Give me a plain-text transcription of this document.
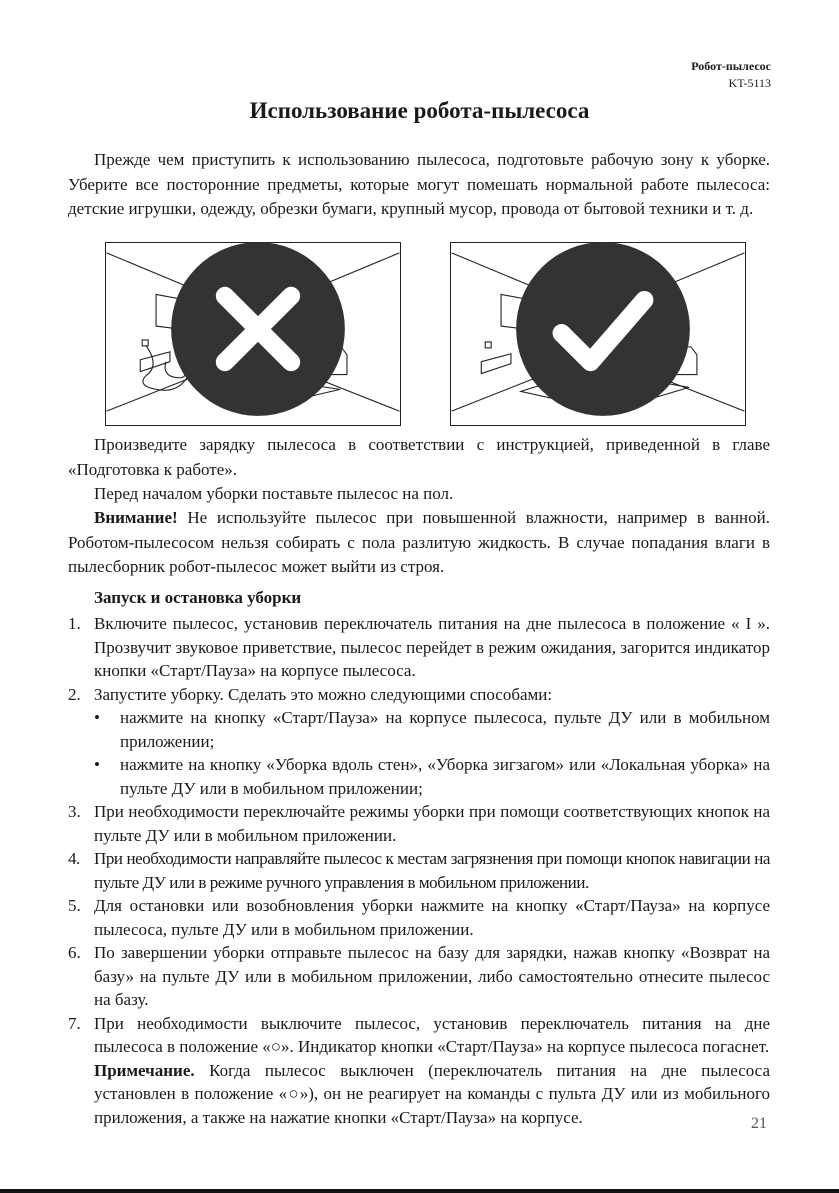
Робот-пылесос
KT-5113
Использование робота-пылесоса

Прежде чем приступить к использованию пылесоса, подготовьте рабочую зону к уборке. Уберите все посторонние предметы, которые могут помешать нормальной работе пылесоса: детские игрушки, одежду, обрезки бумаги, крупный мусор, провода от бытовой техники и т. д.

Произведите зарядку пылесоса в соответствии с инструкцией, приведенной в главе «Подготовка к работе».

Перед началом уборки поставьте пылесос на пол.

Внимание! Не используйте пылесос при повышенной влажности, например в ванной. Роботом-пылесосом нельзя собирать с пола разлитую жидкость. В случае попадания влаги в пылесборник робот-пылесос может выйти из строя.

Запуск и остановка уборки
1. Включите пылесос, установив переключатель питания на дне пылесоса в положение « I ». Прозвучит звуковое приветствие, пылесос перейдет в режим ожидания, загорится индикатор кнопки «Старт/Пауза» на корпусе пылесоса.
2. Запустите уборку. Сделать это можно следующими способами:
• нажмите на кнопку «Старт/Пауза» на корпусе пылесоса, пульте ДУ или в мобильном приложении;
• нажмите на кнопку «Уборка вдоль стен», «Уборка зигзагом» или «Локальная уборка» на пульте ДУ или в мобильном приложении;
3. При необходимости переключайте режимы уборки при помощи соответствующих кнопок на пульте ДУ или в мобильном приложении.
4. При необходимости направляйте пылесос к местам загрязнения при помощи кнопок навигации на пульте ДУ или в режиме ручного управления в мобильном приложении.
5. Для остановки или возобновления уборки нажмите на кнопку «Старт/Пауза» на корпусе пылесоса, пульте ДУ или в мобильном приложении.
6. По завершении уборки отправьте пылесос на базу для зарядки, нажав кнопку «Возврат на базу» на пульте ДУ или в мобильном приложении, либо самостоятельно отнесите пылесос на базу.
7. При необходимости выключите пылесос, установив переключатель питания на дне пылесоса в положение «○». Индикатор кнопки «Старт/Пауза» на корпусе пылесоса погаснет.
Примечание. Когда пылесос выключен (переключатель питания на дне пылесоса установлен в положение «○»), он не реагирует на команды с пульта ДУ или из мобильного приложения, а также на нажатие кнопки «Старт/Пауза» на корпусе.	21
